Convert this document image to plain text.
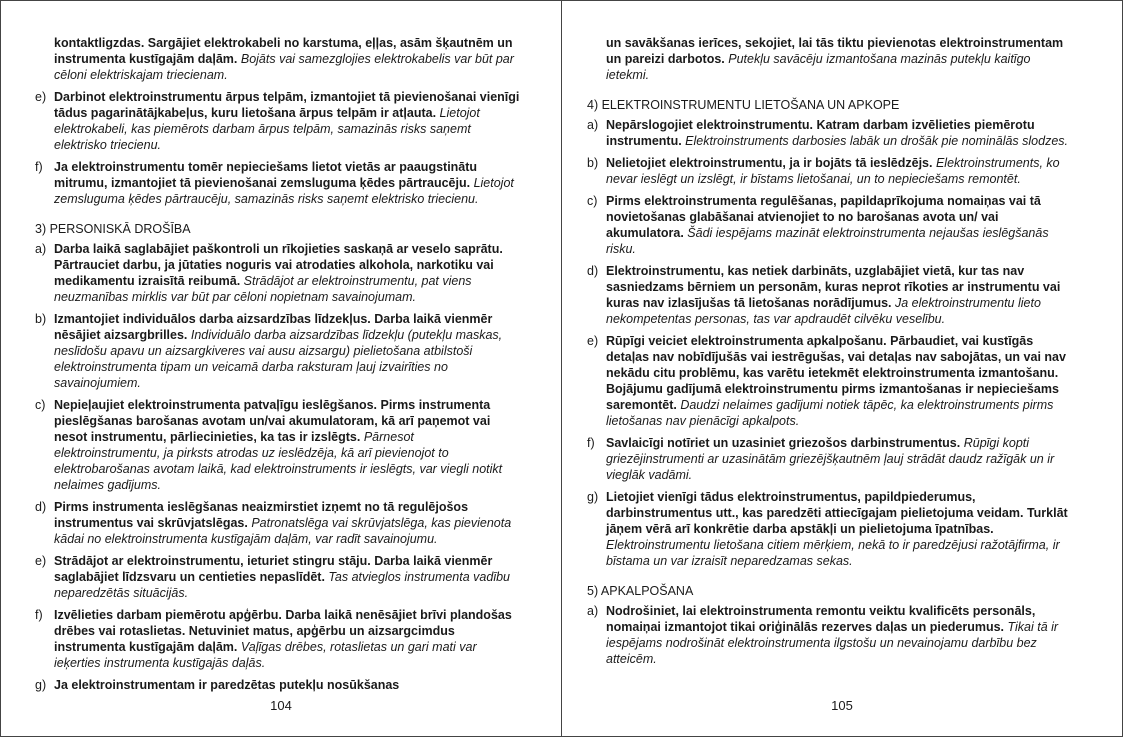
kontaktligzdas. Sargājiet elektrokabeli no karstuma, eļļas, asām šķautnēm un instrumenta kustīgajām daļām. Bojāts vai samezglojies elektrokabelis var būt par cēloni elektriskajam triecienam.

e) Darbinot elektroinstrumentu ārpus telpām, izmantojiet tā pievienošanai vienīgi tādus pagarinātājkabeļus, kuru lietošana ārpus telpām ir atļauta. Lietojot elektrokabeli, kas piemērots darbam ārpus telpām, samazinās risks saņemt elektrisko triecienu.
f) Ja elektroinstrumentu tomēr nepieciešams lietot vietās ar paaugstinātu mitrumu, izmantojiet tā pievienošanai zemsluguma ķēdes pārtraucēju. Lietojot zemsluguma ķēdes pārtraucēju, samazinās risks saņemt elektrisko triecienu.
3) PERSONISKĀ DROŠĪBA
a) Darba laikā saglabājiet paškontroli un rīkojieties saskaņā ar veselo saprātu. Pārtrauciet darbu, ja jūtaties noguris vai atrodaties alkohola, narkotiku vai medikamentu izraisītā reibumā. Strādājot ar elektroinstrumentu, pat viens neuzmanības mirklis var būt par cēloni nopietnam savainojumam.
b) Izmantojiet individuālos darba aizsardzības līdzekļus. Darba laikā vienmēr nēsājiet aizsargbrilles. Individuālo darba aizsardzības līdzekļu (putekļu maskas, neslīdošu apavu un aizsargkiveres vai ausu aizsargu) pielietošana atbilstoši elektroinstrumenta tipam un veicamā darba raksturam ļauj izvairīties no savainojumiem.
c) Nepieļaujiet elektroinstrumenta patvaļīgu ieslēgšanos. Pirms instrumenta pieslēgšanas barošanas avotam un/vai akumulatoram, kā arī paņemot vai nesot instrumentu, pārliecinieties, ka tas ir izslēgts. Pārnesot elektroinstrumentu, ja pirksts atrodas uz ieslēdzēja, kā arī pievienojot to elektrobarošanas avotam laikā, kad elektroinstruments ir ieslēgts, var viegli notikt nelaimes gadījums.
d) Pirms instrumenta ieslēgšanas neaizmirstiet izņemt no tā regulējošos instrumentus vai skrūvjatslēgas. Patronatslēga vai skrūvjatslēga, kas pievienota kādai no elektroinstrumenta kustīgajām daļām, var radīt savainojumu.
e) Strādājot ar elektroinstrumentu, ieturiet stingru stāju. Darba laikā vienmēr saglabājiet līdzsvaru un centieties nepaslīdēt. Tas atvieglos instrumenta vadību neparedzētās situācijās.
f) Izvēlieties darbam piemērotu apģērbu. Darba laikā nenēsājiet brīvi plandošas drēbes vai rotaslietas. Netuviniet matus, apģērbu un aizsargcimdus instrumenta kustīgajām daļām. Vaļīgas drēbes, rotaslietas un gari mati var ieķerties instrumenta kustīgajās daļās.
g) Ja elektroinstrumentam ir paredzētas putekļu nosūkšanas
104

un savākšanas ierīces, sekojiet, lai tās tiktu pievienotas elektroinstrumentam un pareizi darbotos. Putekļu savācēju izmantošana mazinās putekļu kaitīgo ietekmi.

4) ELEKTROINSTRUMENTU LIETOŠANA UN APKOPE
a) Nepārslogojiet elektroinstrumentu. Katram darbam izvēlieties piemērotu instrumentu. Elektroinstruments darbosies labāk un drošāk pie nominālās slodzes.
b) Nelietojiet elektroinstrumentu, ja ir bojāts tā ieslēdzējs. Elektroinstruments, ko nevar ieslēgt un izslēgt, ir bīstams lietošanai, un to nepieciešams remontēt.
c) Pirms elektroinstrumenta regulēšanas, papildaprīkojuma nomaiņas vai tā novietošanas glabāšanai atvienojiet to no barošanas avota un/ vai akumulatora. Šādi iespējams mazināt elektroinstrumenta nejaušas ieslēgšanās risku.
d) Elektroinstrumentu, kas netiek darbināts, uzglabājiet vietā, kur tas nav sasniedzams bērniem un personām, kuras neprot rīkoties ar instrumentu vai kuras nav izlasījušas tā lietošanas norādījumus. Ja elektroinstrumentu lieto nekompetentas personas, tas var apdraudēt cilvēku veselību.
e) Rūpīgi veiciet elektroinstrumenta apkalpošanu. Pārbaudiet, vai kustīgās detaļas nav nobīdījušās vai iestrēgušas, vai detaļas nav sabojātas, un vai nav nekādu citu problēmu, kas varētu ietekmēt elektroinstrumenta izmantošanu. Bojājumu gadījumā elektroinstrumentu pirms izmantošanas ir nepieciešams saremontēt. Daudzi nelaimes gadījumi notiek tāpēc, ka elektroinstruments pirms lietošanas nav pienācīgi apkalpots.
f) Savlaicīgi notīriet un uzasiniet griezošos darbinstrumentus. Rūpīgi kopti griezējinstrumenti ar uzasinātām griezējšķautnēm ļauj strādāt daudz ražīgāk un ir vieglāk vadāmi.
g) Lietojiet vienīgi tādus elektroinstrumentus, papildpiederumus, darbinstrumentus utt., kas paredzēti attiecīgajam pielietojuma veidam. Turklāt jāņem vērā arī konkrētie darba apstākļi un pielietojuma īpatnības. Elektroinstrumentu lietošana citiem mērķiem, nekā to ir paredzējusi ražotājfirma, ir bīstama un var izraisīt neparedzamas sekas.
5) APKALPOŠANA
a) Nodrošiniet, lai elektroinstrumenta remontu veiktu kvalificēts personāls, nomaiņai izmantojot tikai oriģinālās rezerves daļas un piederumus. Tikai tā ir iespējams nodrošināt elektroinstrumenta ilgstošu un nevainojamu darbību bez atteicēm.
105
